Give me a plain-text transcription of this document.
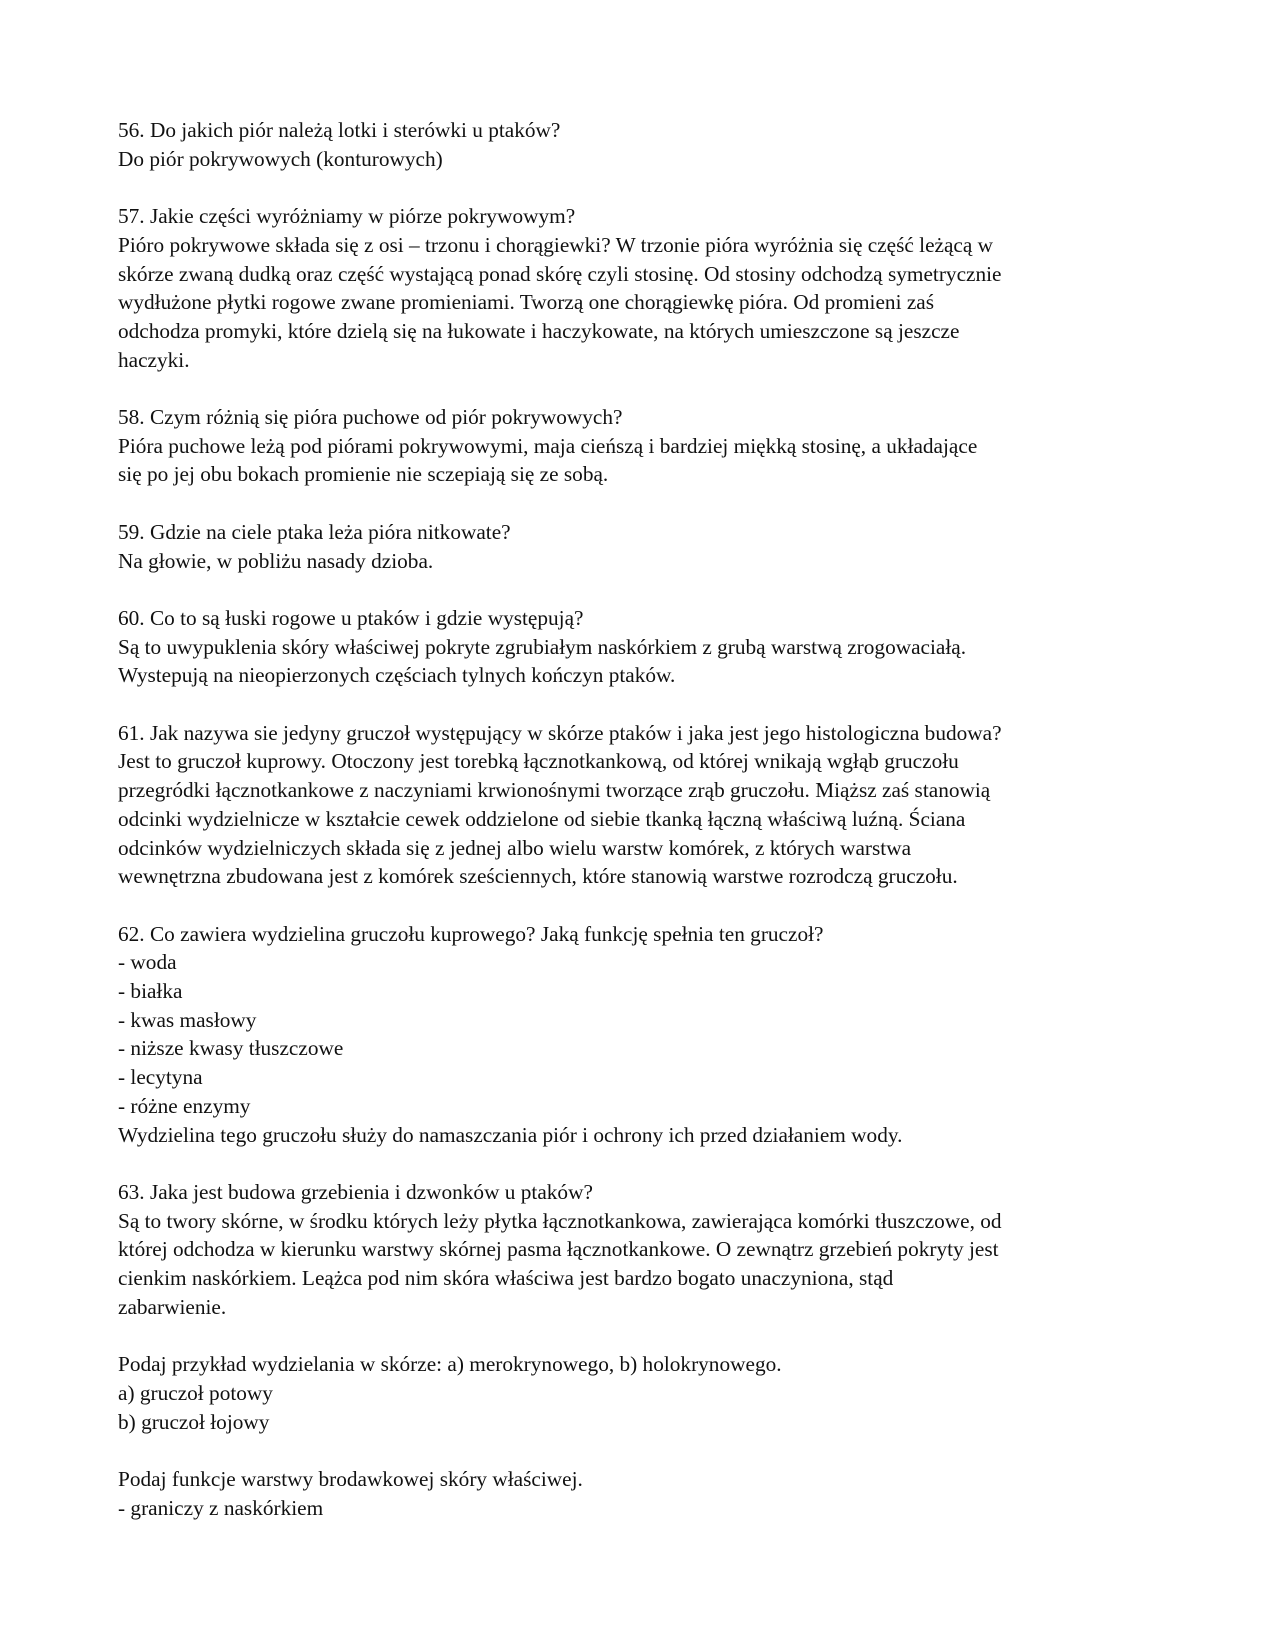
56. Do jakich piór należą lotki i sterówki u ptaków?
Do piór pokrywowych (konturowych)
57. Jakie części wyróżniamy w piórze pokrywowym?
Pióro pokrywowe składa się z osi – trzonu i chorągiewki? W trzonie pióra wyróżnia się część leżącą w
skórze zwaną dudką oraz część wystającą ponad skórę czyli stosinę. Od stosiny odchodzą symetrycznie
wydłużone płytki rogowe zwane promieniami. Tworzą one chorągiewkę pióra. Od promieni zaś
odchodza promyki, które dzielą się na łukowate i haczykowate, na których umieszczone są jeszcze
haczyki.
58. Czym różnią się pióra puchowe od piór pokrywowych?
Pióra puchowe leżą pod piórami pokrywowymi, maja cieńszą i bardziej miękką stosinę, a układające
się po jej obu bokach promienie nie sczepiają się ze sobą.
59. Gdzie na ciele ptaka leża pióra nitkowate?
Na głowie, w pobliżu nasady dzioba.
60. Co to są łuski rogowe u ptaków i gdzie występują?
Są to uwypuklenia skóry właściwej pokryte zgrubiałym naskórkiem z grubą warstwą zrogowaciałą.
Wystepują na nieopierzonych częściach tylnych kończyn ptaków.
61. Jak nazywa sie jedyny gruczoł występujący w skórze ptaków i jaka jest jego histologiczna budowa?
Jest to gruczoł kuprowy. Otoczony jest torebką łącznotkankową, od której wnikają wgłąb gruczołu
przegródki łącznotkankowe z naczyniami krwionośnymi tworzące zrąb gruczołu. Miąższ zaś stanowią
odcinki wydzielnicze w kształcie cewek oddzielone od siebie tkanką łączną właściwą luźną. Ściana
odcinków wydzielniczych składa się z jednej albo wielu warstw komórek, z których warstwa
wewnętrzna zbudowana jest z komórek sześciennych, które stanowią warstwe rozrodczą gruczołu.
62. Co zawiera wydzielina gruczołu kuprowego? Jaką funkcję spełnia ten gruczoł?
- woda
- białka
- kwas masłowy
- niższe kwasy tłuszczowe
- lecytyna
- różne enzymy
Wydzielina tego gruczołu służy do namaszczania piór i ochrony ich przed działaniem wody.
63. Jaka jest budowa grzebienia i dzwonków u ptaków?
Są to twory skórne, w środku których leży płytka łącznotkankowa, zawierająca komórki tłuszczowe, od
której odchodza w kierunku warstwy skórnej pasma łącznotkankowe. O zewnątrz grzebień pokryty jest
cienkim naskórkiem. Leążca pod nim skóra właściwa jest bardzo bogato unaczyniona, stąd
zabarwienie.
Podaj przykład wydzielania w skórze: a) merokrynowego, b) holokrynowego.
a) gruczoł potowy
b) gruczoł łojowy
Podaj funkcje warstwy brodawkowej skóry właściwej.
- graniczy z naskórkiem
